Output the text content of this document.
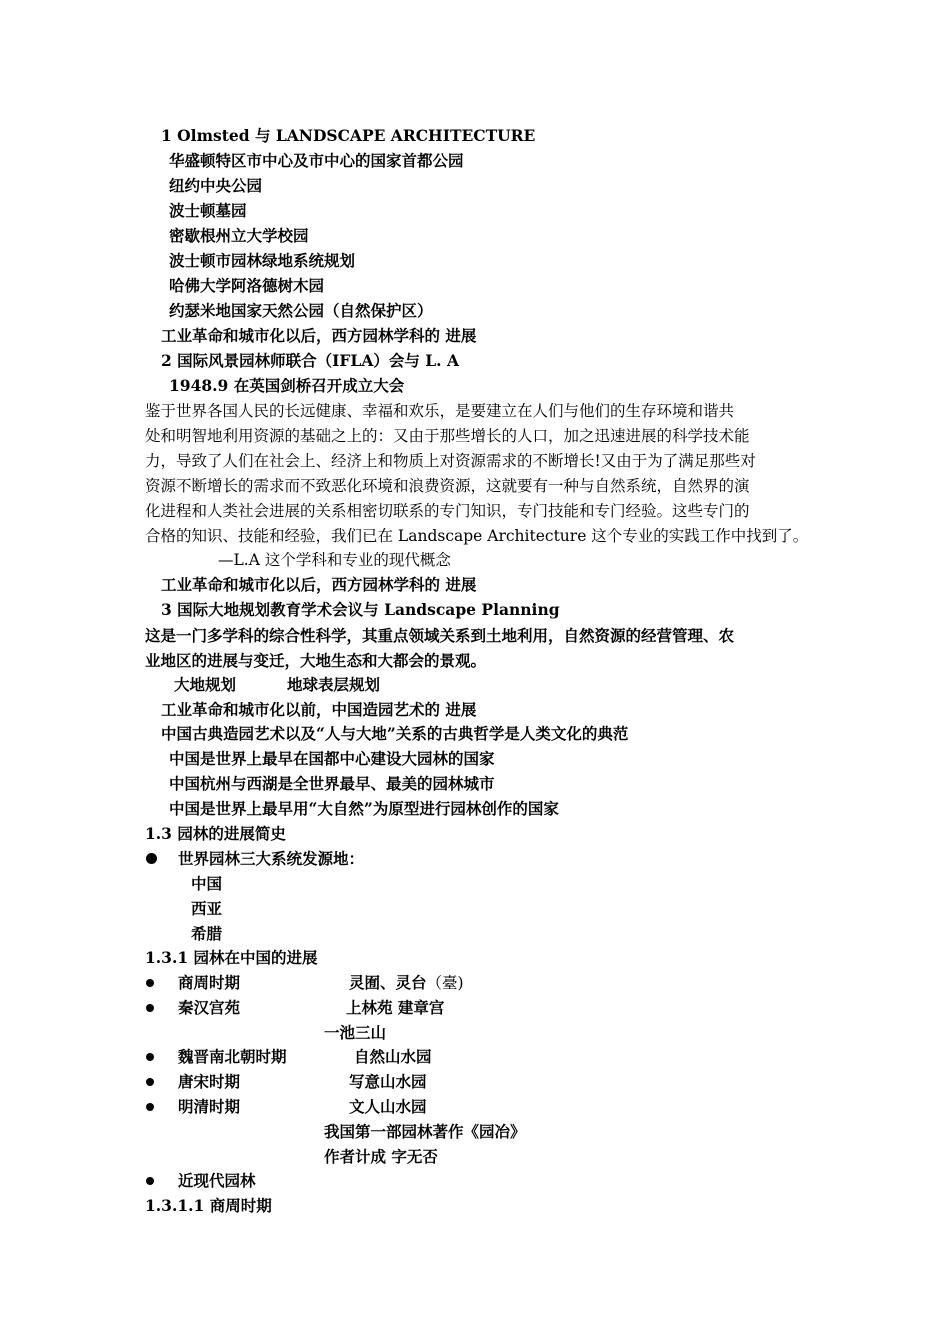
1 Olmsted 与 LANDSCAPE ARCHITECTURE
华盛顿特区市中心及市中心的国家首都公园
纽约中央公园
波士顿墓园
密歇根州立大学校园
波士顿市园林绿地系统规划
哈佛大学阿洛德树木园
约瑟米地国家天然公园（自然保护区）
工业革命和城市化以后，西方园林学科的 进展
2 国际风景园林师联合（IFLA）会与 L. A
1948.9 在英国剑桥召开成立大会
鉴于世界各国人民的长远健康、幸福和欢乐，是要建立在人们与他们的生存环境和谐共
处和明智地利用资源的基础之上的：又由于那些增长的人口，加之迅速进展的科学技术能
力，导致了人们在社会上、经济上和物质上对资源需求的不断增长!又由于为了满足那些对
资源不断增长的需求而不致恶化环境和浪费资源，这就要有一种与自然系统，自然界的演
化进程和人类社会进展的关系相密切联系的专门知识，专门技能和专门经验。这些专门的
合格的知识、技能和经验，我们已在 Landscape Architecture 这个专业的实践工作中找到了。
—L.A 这个学科和专业的现代概念
工业革命和城市化以后，西方园林学科的 进展
3 国际大地规划教育学术会议与 Landscape Planning
这是一门多学科的综合性科学，其重点领域关系到土地利用，自然资源的经营管理、农
业地区的进展与变迁，大地生态和大都会的景观。
大地规划	地球表层规划
工业革命和城市化以前，中国造园艺术的 进展
中国古典造园艺术以及“人与大地”关系的古典哲学是人类文化的典范
中国是世界上最早在国都中心建设大园林的国家
中国杭州与西湖是全世界最早、最美的园林城市
中国是世界上最早用“大自然”为原型进行园林创作的国家
1.3 园林的进展简史
世界园林三大系统发源地：
中国
西亚
希腊
1.3.1 园林在中国的进展
商周时期	灵囿、灵台（臺)
秦汉宫苑	上林苑 建章宫
一池三山
魏晋南北朝时期	自然山水园
唐宋时期	写意山水园
明清时期	文人山水园
我国第一部园林著作《园冶》
作者计成 字无否
近现代园林
1.3.1.1 商周时期
